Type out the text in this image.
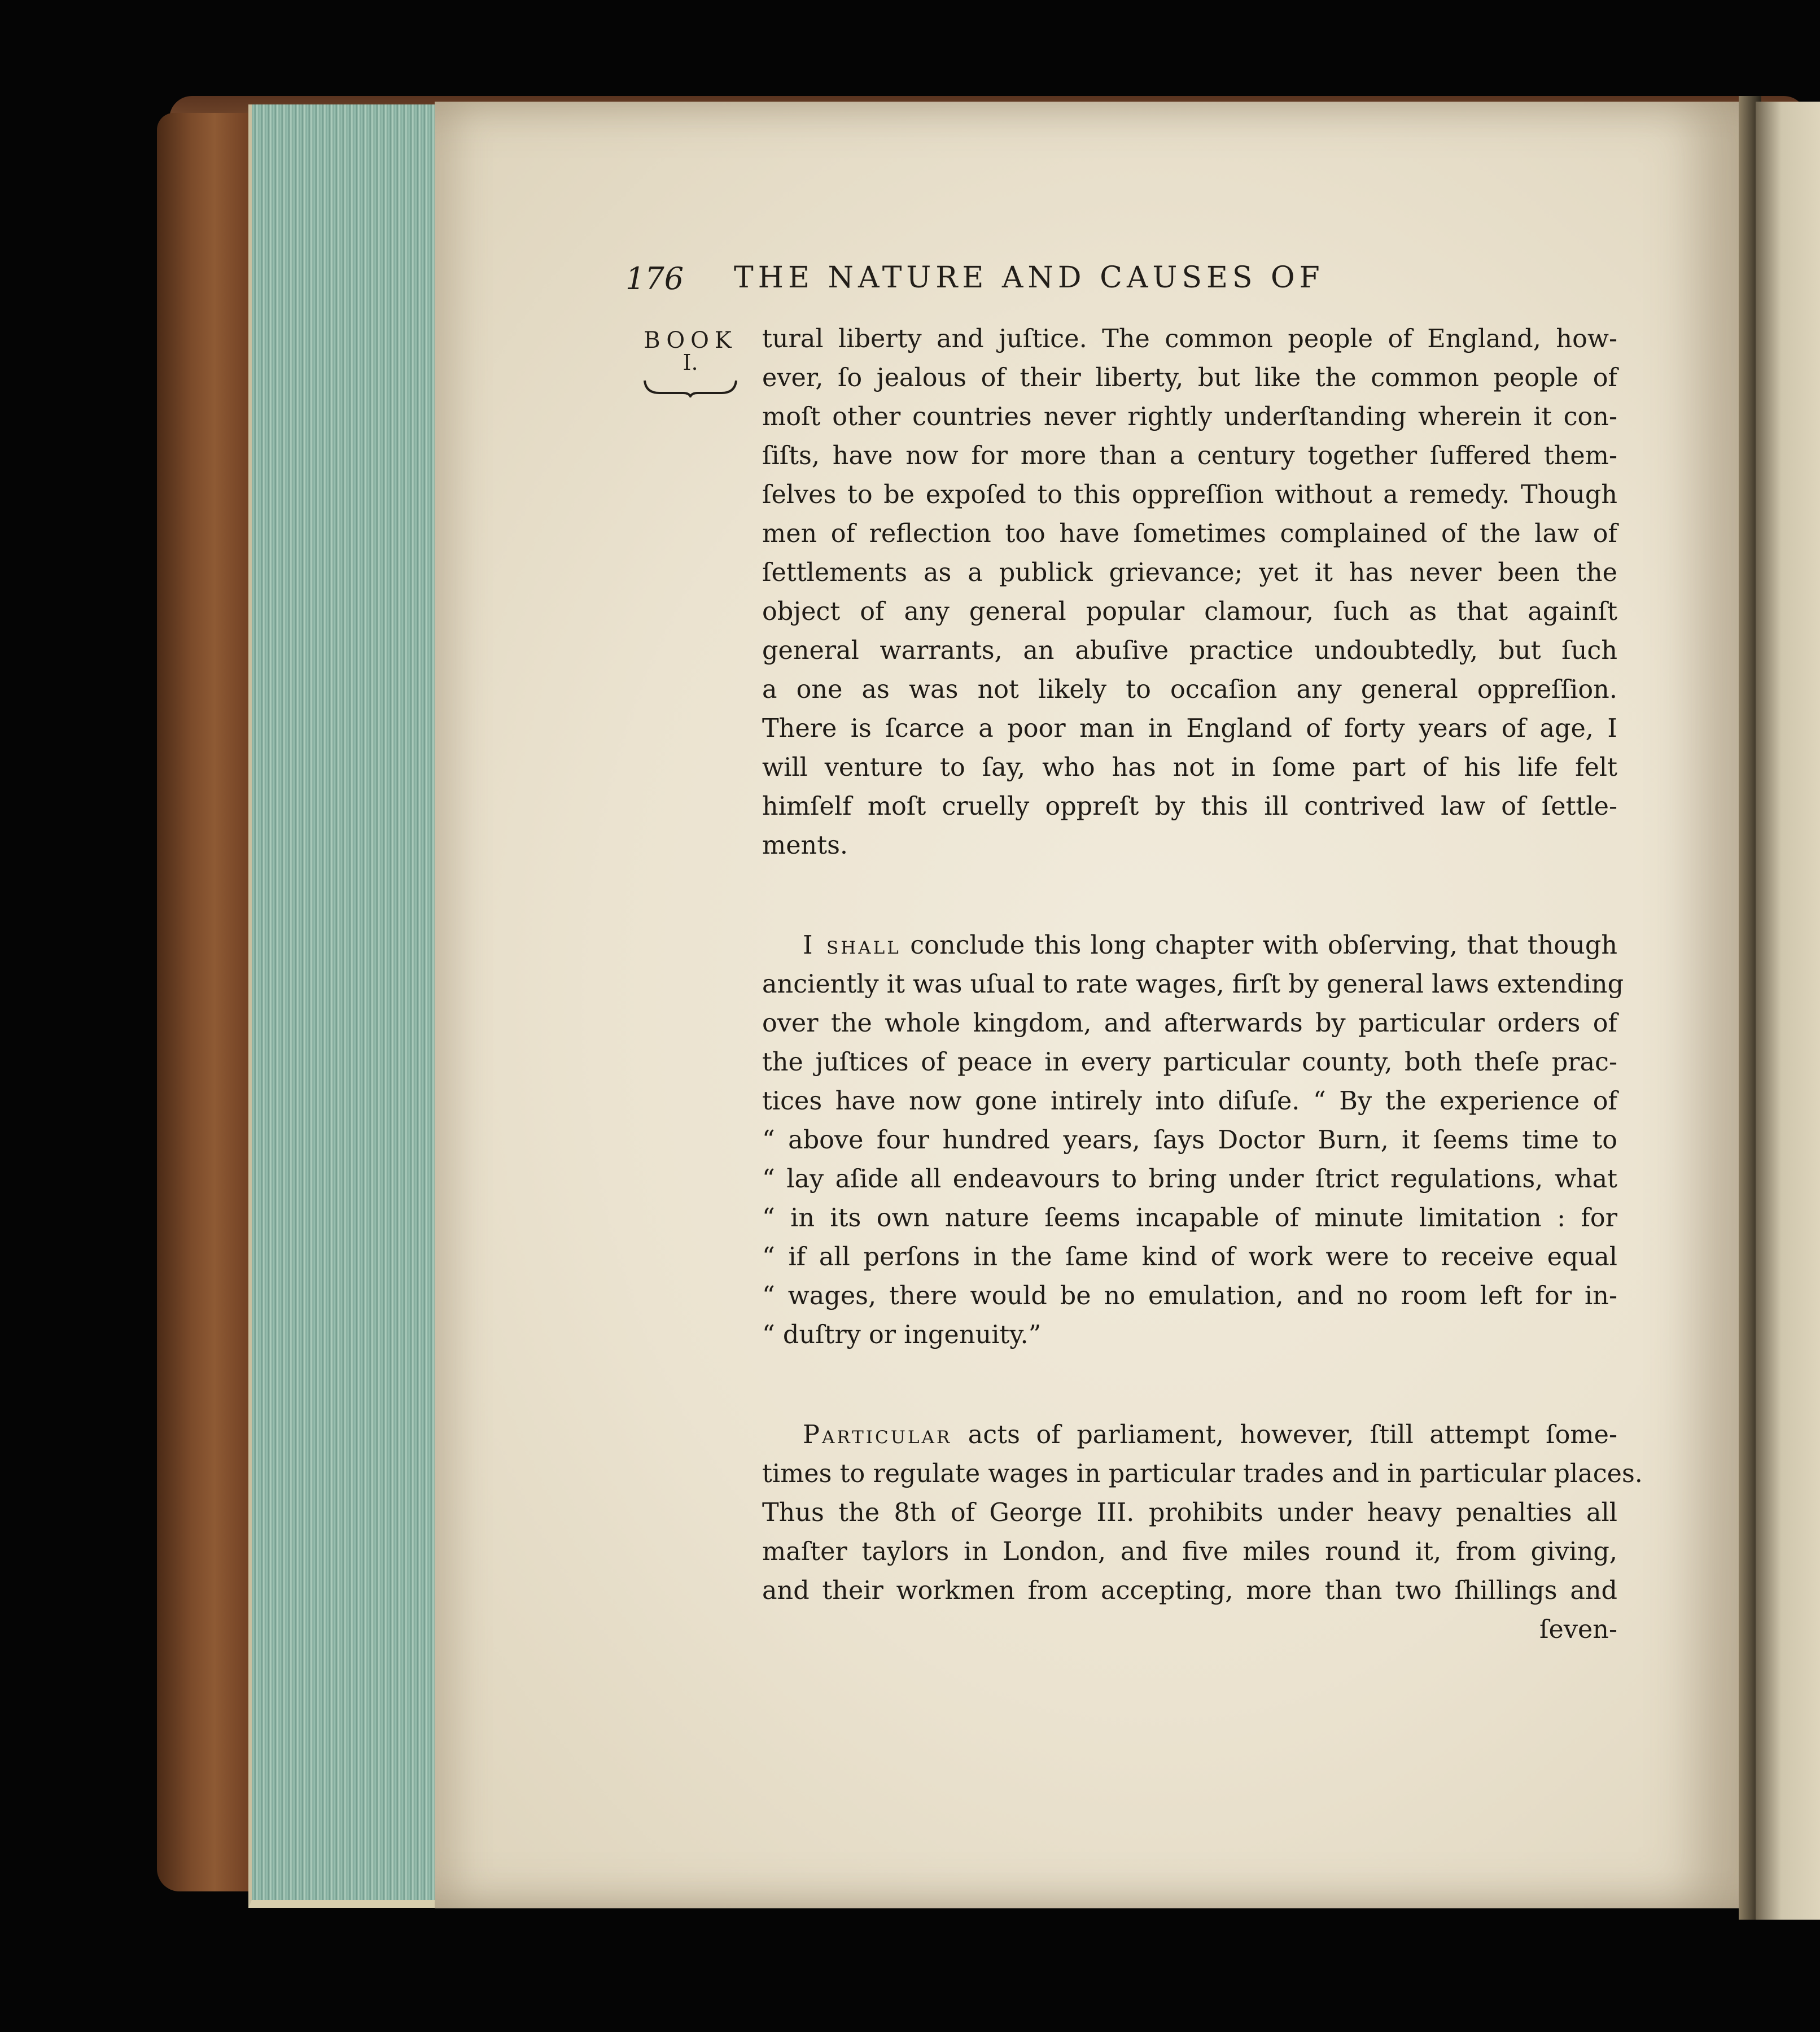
176 THE NATURE AND CAUSES OF
BOOK
I.
tural liberty and juſtice. The common people of England, how-
ever, ſo jealous of their liberty, but like the common people of
moſt other countries never rightly underſtanding wherein it con-
ſiſts, have now for more than a century together ſuffered them-
ſelves to be expoſed to this oppreſſion without a remedy. Though
men of reflection too have ſometimes complained of the law of
ſettlements as a publick grievance; yet it has never been the
object of any general popular clamour, ſuch as that againſt
general warrants, an abuſive practice undoubtedly, but ſuch
a one as was not likely to occaſion any general oppreſſion.
There is ſcarce a poor man in England of forty years of age, I
will venture to ſay, who has not in ſome part of his life felt
himſelf moſt cruelly oppreſt by this ill contrived law of ſettle-
ments.
I shall conclude this long chapter with obſerving, that though
anciently it was uſual to rate wages, firſt by general laws extending
over the whole kingdom, and afterwards by particular orders of
the juſtices of peace in every particular county, both theſe prac-
tices have now gone intirely into diſuſe. “ By the experience of
“ above four hundred years, ſays Doctor Burn, it ſeems time to
“ lay aſide all endeavours to bring under ſtrict regulations, what
“ in its own nature ſeems incapable of minute limitation : for
“ if all perſons in the ſame kind of work were to receive equal
“ wages, there would be no emulation, and no room left for in-
“ duſtry or ingenuity.”
Particular acts of parliament, however, ſtill attempt ſome-
times to regulate wages in particular trades and in particular places.
Thus the 8th of George III. prohibits under heavy penalties all
maſter taylors in London, and five miles round it, from giving,
and their workmen from accepting, more than two ſhillings and
ſeven-
